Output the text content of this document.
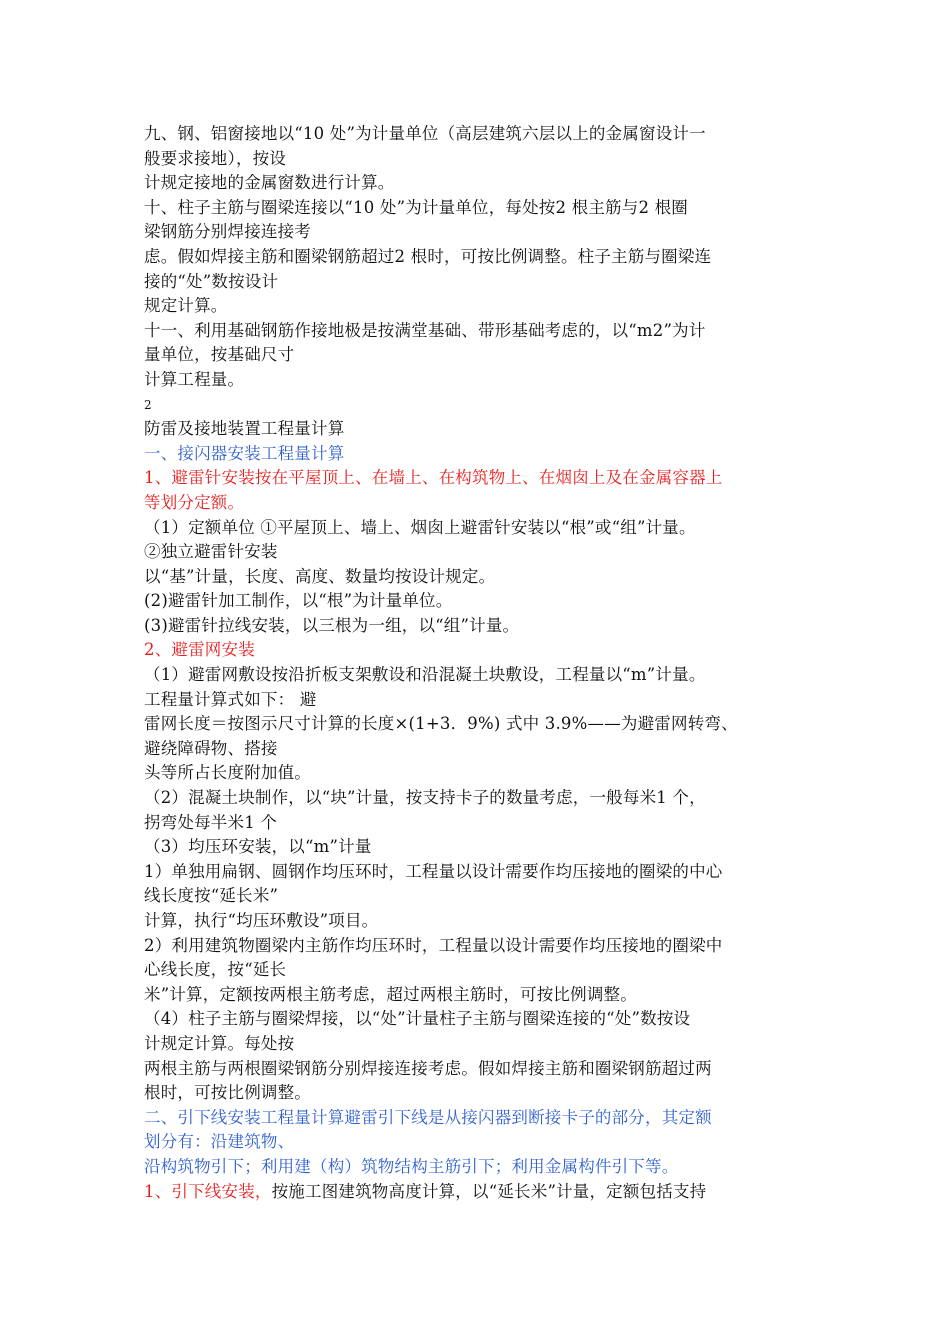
九、钢、铝窗接地以“10 处”为计量单位（高层建筑六层以上的金属窗设计一
般要求接地），按设
计规定接地的金属窗数进行计算。
十、柱子主筋与圈梁连接以“10 处”为计量单位，每处按2 根主筋与2 根圈
梁钢筋分别焊接连接考
虑。假如焊接主筋和圈梁钢筋超过2 根时，可按比例调整。柱子主筋与圈梁连
接的“处”数按设计
规定计算。
十一、利用基础钢筋作接地极是按满堂基础、带形基础考虑的，以“m2”为计
量单位，按基础尺寸
计算工程量。
2
防雷及接地装置工程量计算
一、接闪器安装工程量计算
1、避雷针安装按在平屋顶上、在墙上、在构筑物上、在烟囱上及在金属容器上
等划分定额。
（1）定额单位 ①平屋顶上、墙上、烟囱上避雷针安装以“根”或“组”计量。
②独立避雷针安装
以“基”计量，长度、高度、数量均按设计规定。
(2)避雷针加工制作，以“根”为计量单位。
(3)避雷针拉线安装，以三根为一组，以“组”计量。
2、避雷网安装
（1）避雷网敷设按沿折板支架敷设和沿混凝土块敷设，工程量以“m”计量。
工程量计算式如下： 避
雷网长度＝按图示尺寸计算的长度×(1+3．9%) 式中 3.9%——为避雷网转弯、
避绕障碍物、搭接
头等所占长度附加值。
（2）混凝土块制作，以“块”计量，按支持卡子的数量考虑，一般每米1 个，
拐弯处每半米1 个
（3）均压环安装，以“m”计量
1）单独用扁钢、圆钢作均压环时，工程量以设计需要作均压接地的圈梁的中心
线长度按“延长米”
计算，执行“均压环敷设”项目。
2）利用建筑物圈梁内主筋作均压环时，工程量以设计需要作均压接地的圈梁中
心线长度，按“延长
米”计算，定额按两根主筋考虑，超过两根主筋时，可按比例调整。
（4）柱子主筋与圈梁焊接，以“处”计量柱子主筋与圈梁连接的“处”数按设
计规定计算。每处按
两根主筋与两根圈梁钢筋分别焊接连接考虑。假如焊接主筋和圈梁钢筋超过两
根时，可按比例调整。
二、引下线安装工程量计算避雷引下线是从接闪器到断接卡子的部分，其定额
划分有：沿建筑物、
沿构筑物引下；利用建（构）筑物结构主筋引下；利用金属构件引下等。
1、引下线安装，按施工图建筑物高度计算，以“延长米”计量，定额包括支持
